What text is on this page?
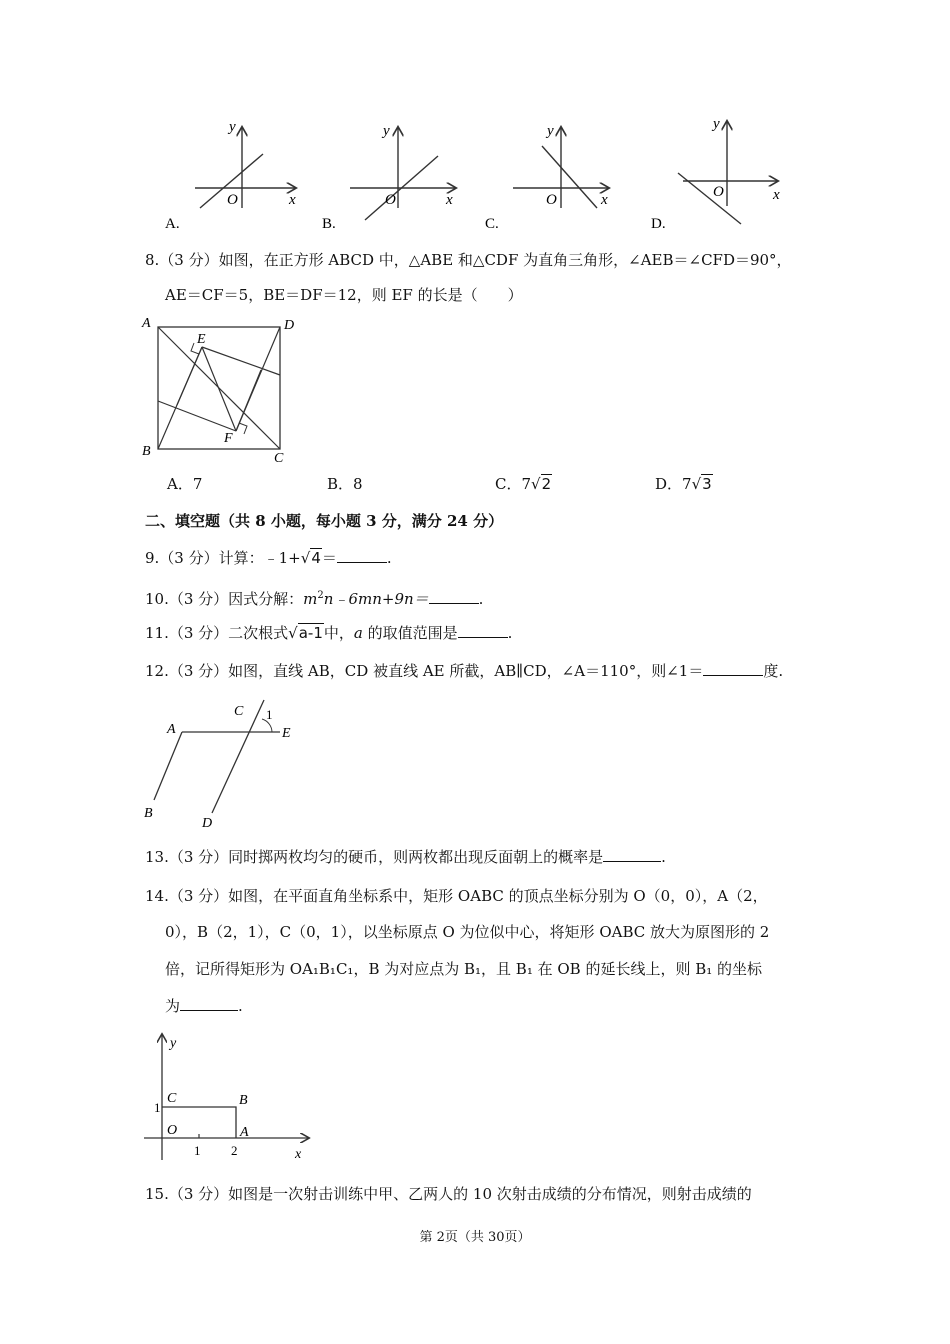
y
x
O
A.
y
x
O
B.
y
x
O
C.
y
x
O
D.
8.（3 分）如图，在正方形 ABCD 中，△ABE 和△CDF 为直角三角形，∠AEB＝∠CFD＝90°，
AE＝CF＝5，BE＝DF＝12，则 EF 的长是（　　）
A	D
B	C
E
F
A．7	B．8	C．7√2	D．7√3
二、填空题（共 8 小题，每小题 3 分，满分 24 分）
9.（3 分）计算：﹣1+√4＝	.
10.（3 分）因式分解：$m^2n﹣6mn+9n=$	.
11.（3 分）二次根式√a-1中，a 的取值范围是	.
12.（3 分）如图，直线 AB，CD 被直线 AE 所截，AB∥CD，∠A＝110°，则∠1＝	度.
A
B
C
D
E
1
13.（3 分）同时掷两枚均匀的硬币，则两枚都出现反面朝上的概率是	.
14.（3 分）如图，在平面直角坐标系中，矩形 OABC 的顶点坐标分别为 O（0，0），A（2，
0），B（2，1），C（0，1），以坐标原点 O 为位似中心，将矩形 OABC 放大为原图形的 2
倍，记所得矩形为 OA₁B₁C₁，B 为对应点为 B₁，且 B₁ 在 OB 的延长线上，则 B₁ 的坐标
为	.
y
x
C	B
O	A
1
1 2
15.（3 分）如图是一次射击训练中甲、乙两人的 10 次射击成绩的分布情况，则射击成绩的
第 2页（共 30页）
